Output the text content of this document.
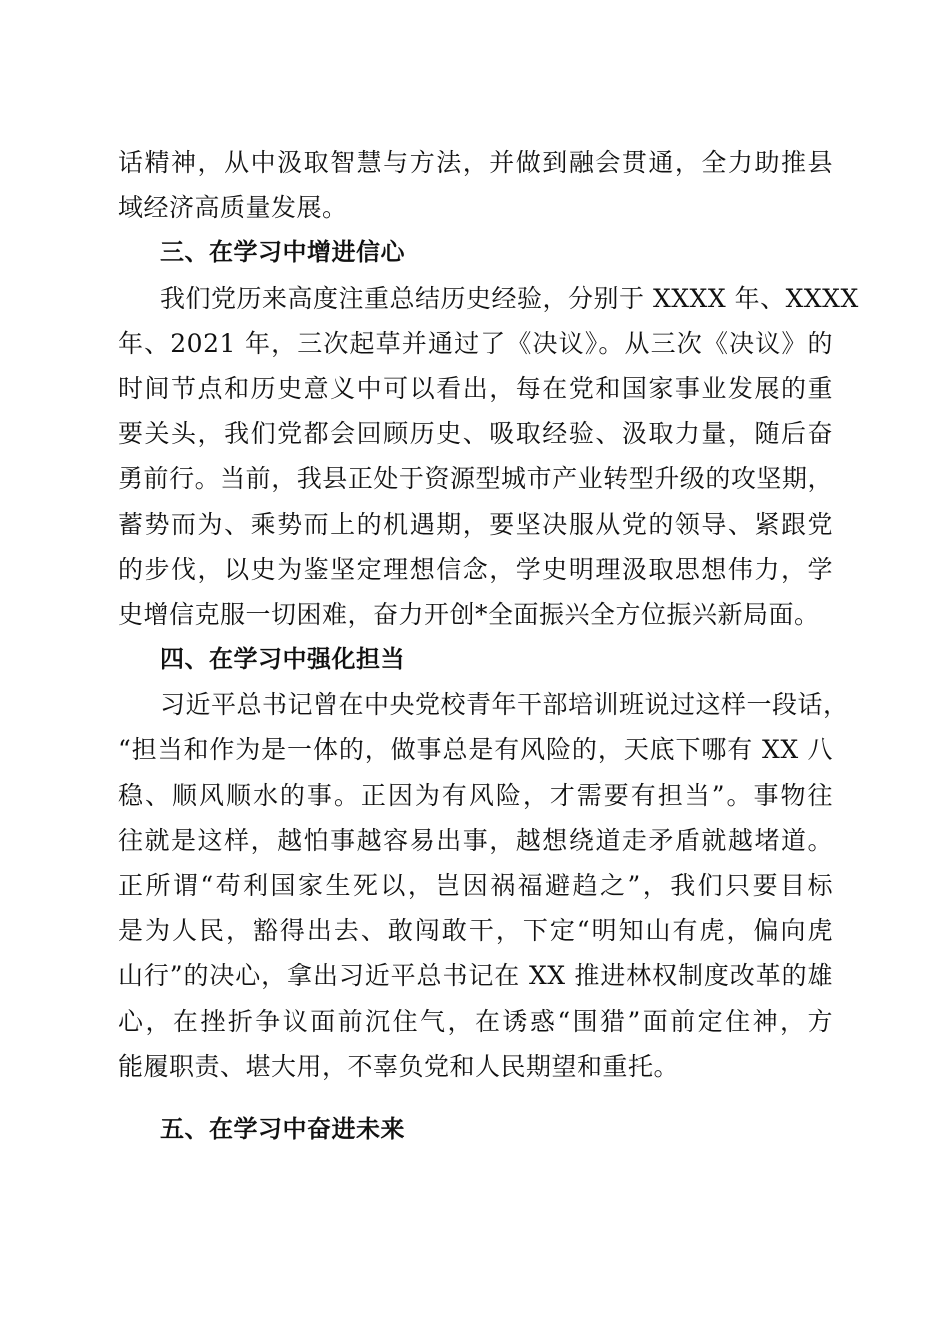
话精神，从中汲取智慧与方法，并做到融会贯通，全力助推县
域经济高质量发展。
三、在学习中增进信心
我们党历来高度注重总结历史经验，分别于 XXXX 年、XXXX
年、2021 年，三次起草并通过了《决议》。从三次《决议》的
时间节点和历史意义中可以看出，每在党和国家事业发展的重
要关头，我们党都会回顾历史、吸取经验、汲取力量，随后奋
勇前行。当前，我县正处于资源型城市产业转型升级的攻坚期，
蓄势而为、乘势而上的机遇期，要坚决服从党的领导、紧跟党
的步伐，以史为鉴坚定理想信念，学史明理汲取思想伟力，学
史增信克服一切困难，奋力开创*全面振兴全方位振兴新局面。
四、在学习中强化担当
习近平总书记曾在中央党校青年干部培训班说过这样一段话，
“担当和作为是一体的，做事总是有风险的，天底下哪有 XX 八
稳、顺风顺水的事。正因为有风险，才需要有担当”。事物往
往就是这样，越怕事越容易出事，越想绕道走矛盾就越堵道。
正所谓“苟利国家生死以，岂因祸福避趋之”，我们只要目标
是为人民，豁得出去、敢闯敢干，下定“明知山有虎，偏向虎
山行”的决心，拿出习近平总书记在 XX 推进林权制度改革的雄
心，在挫折争议面前沉住气，在诱惑“围猎”面前定住神，方
能履职责、堪大用，不辜负党和人民期望和重托。
五、在学习中奋进未来
